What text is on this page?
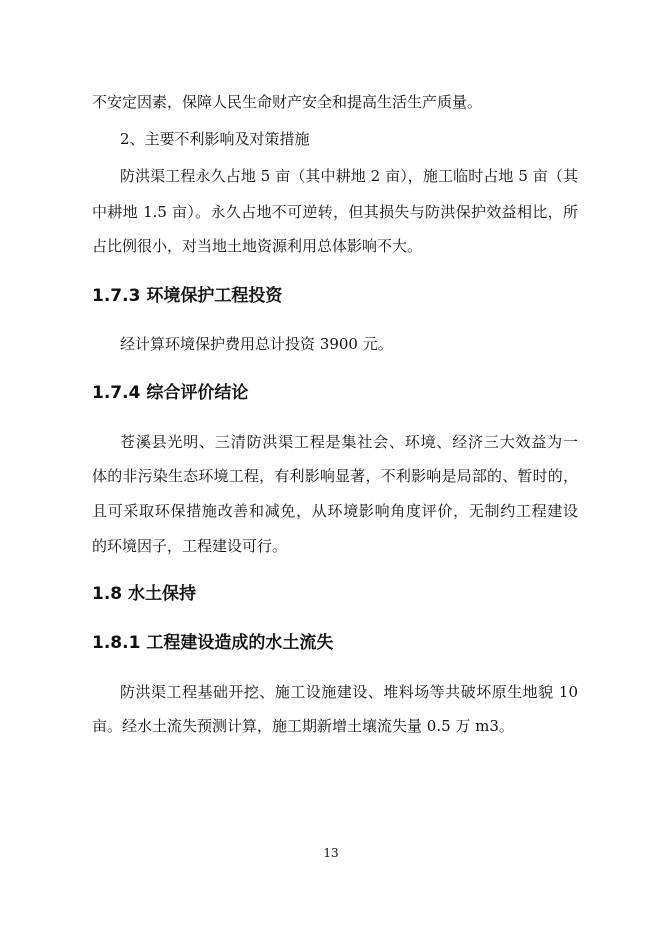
不安定因素，保障人民生命财产安全和提高生活生产质量。
2、主要不利影响及对策措施
防洪渠工程永久占地 5 亩（其中耕地 2 亩），施工临时占地 5 亩（其
中耕地 1.5 亩）。永久占地不可逆转，但其损失与防洪保护效益相比，所
占比例很小，对当地土地资源利用总体影响不大。
1.7.3 环境保护工程投资
经计算环境保护费用总计投资 3900 元。
1.7.4 综合评价结论
苍溪县光明、三清防洪渠工程是集社会、环境、经济三大效益为一
体的非污染生态环境工程，有利影响显著，不利影响是局部的、暂时的，
且可采取环保措施改善和减免，从环境影响角度评价，无制约工程建设
的环境因子，工程建设可行。
1.8 水土保持
1.8.1 工程建设造成的水土流失
防洪渠工程基础开挖、施工设施建设、堆料场等共破坏原生地貌 10
亩。经水土流失预测计算，施工期新增土壤流失量 0.5 万 m3。
13
